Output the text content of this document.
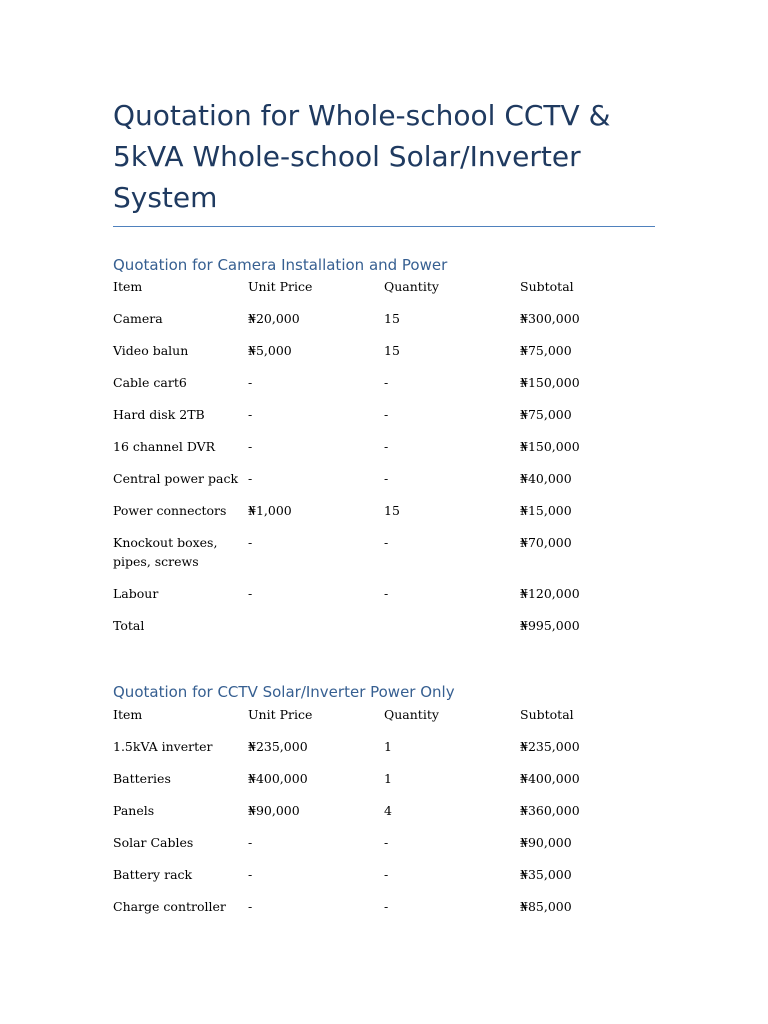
Quotation for Whole-school CCTV & 5kVA Whole-school Solar/Inverter System
Quotation for Camera Installation and Power
Item	Unit Price	Quantity	Subtotal
Camera	₦20,000	15	₦300,000
Video balun	₦5,000	15	₦75,000
Cable cart6	-	-	₦150,000
Hard disk 2TB	-	-	₦75,000
16 channel DVR	-	-	₦150,000
Central power pack	-	-	₦40,000
Power connectors	₦1,000	15	₦15,000
Knockout boxes, pipes, screws	-	-	₦70,000
Labour	-	-	₦120,000
Total			₦995,000
Quotation for CCTV Solar/Inverter Power Only
Item	Unit Price	Quantity	Subtotal
1.5kVA inverter	₦235,000	1	₦235,000
Batteries	₦400,000	1	₦400,000
Panels	₦90,000	4	₦360,000
Solar Cables	-	-	₦90,000
Battery rack	-	-	₦35,000
Charge controller	-	-	₦85,000
